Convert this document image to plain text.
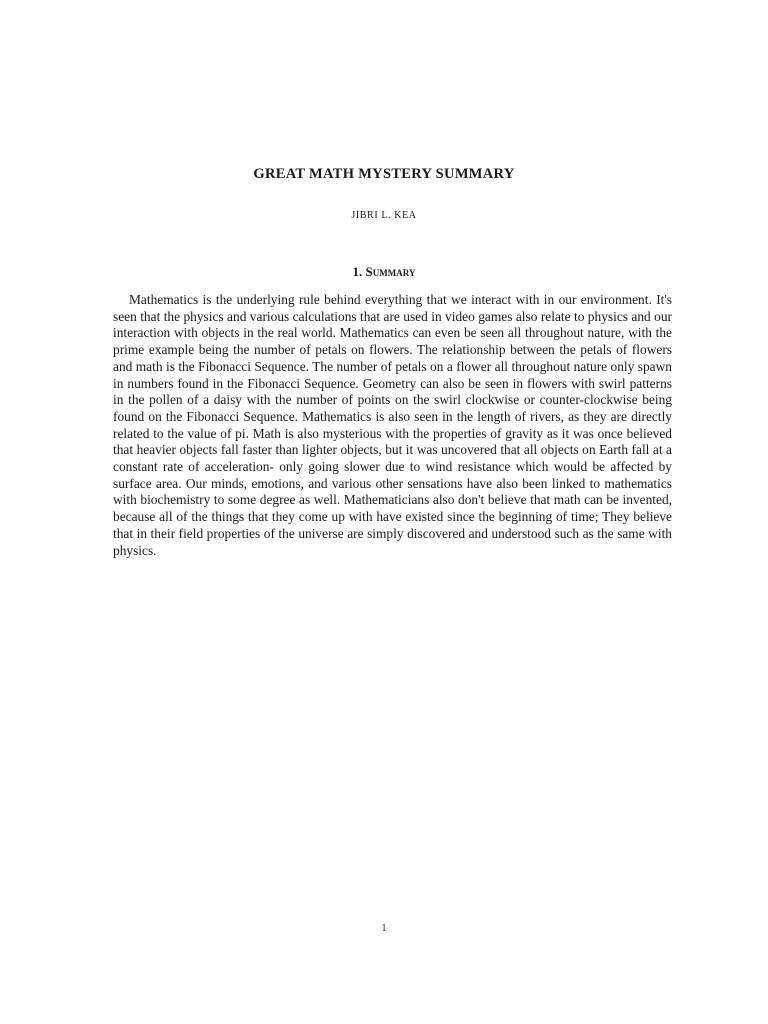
GREAT MATH MYSTERY SUMMARY
JIBRI L. KEA
1. Summary

Mathematics is the underlying rule behind everything that we interact with in our environment. It's seen that the physics and various calculations that are used in video games also relate to physics and our interaction with objects in the real world. Mathematics can even be seen all throughout nature, with the prime example being the number of petals on flowers. The relationship between the petals of flowers and math is the Fibonacci Sequence. The number of petals on a flower all throughout nature only spawn in numbers found in the Fibonacci Sequence. Geometry can also be seen in flowers with swirl patterns in the pollen of a daisy with the number of points on the swirl clockwise or counter-clockwise being found on the Fibonacci Sequence. Mathematics is also seen in the length of rivers, as they are directly related to the value of pi. Math is also mysterious with the properties of gravity as it was once believed that heavier objects fall faster than lighter objects, but it was uncovered that all objects on Earth fall at a constant rate of acceleration- only going slower due to wind resistance which would be affected by surface area. Our minds, emotions, and various other sensations have also been linked to mathematics with biochemistry to some degree as well. Mathematicians also don't believe that math can be invented, because all of the things that they come up with have existed since the beginning of time; They believe that in their field properties of the universe are simply discovered and understood such as the same with physics.

1
